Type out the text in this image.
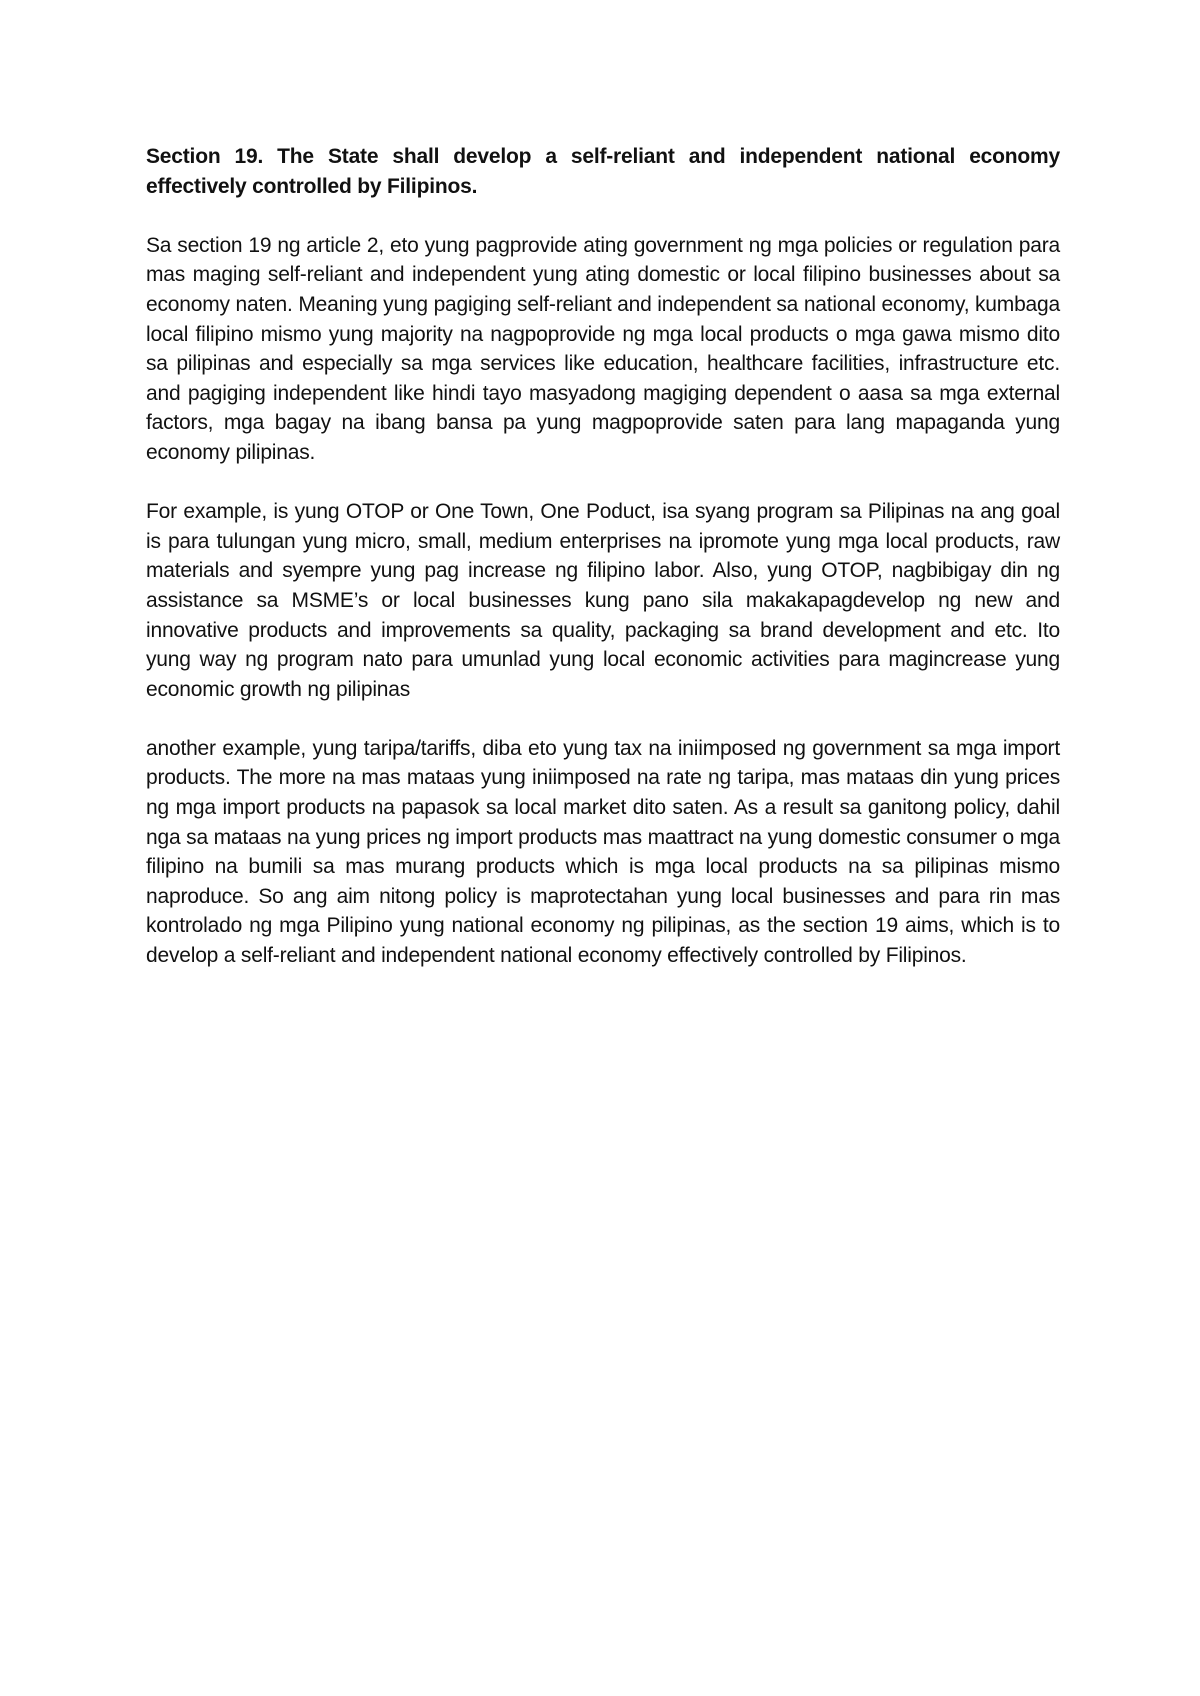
Section 19. The State shall develop a self-reliant and independent national economy effectively controlled by Filipinos.

Sa section 19 ng article 2, eto yung pagprovide ating government ng mga policies or regulation para mas maging self-reliant and independent yung ating domestic or local filipino businesses about sa economy naten. Meaning yung pagiging self-reliant and independent sa national economy, kumbaga local filipino mismo yung majority na nagpoprovide ng mga local products o mga gawa mismo dito sa pilipinas and especially sa mga services like education, healthcare facilities, infrastructure etc. and pagiging independent like hindi tayo masyadong magiging dependent o aasa sa mga external factors, mga bagay na ibang bansa pa yung magpoprovide saten para lang mapaganda yung economy pilipinas.

For example, is yung OTOP or One Town, One Poduct, isa syang program sa Pilipinas na ang goal is para tulungan yung micro, small, medium enterprises na ipromote yung mga local products, raw materials and syempre yung pag increase ng filipino labor. Also, yung OTOP, nagbibigay din ng assistance sa MSME’s or local businesses kung pano sila makakapagdevelop ng new and innovative products and improvements sa quality, packaging sa brand development and etc. Ito yung way ng program nato para umunlad yung local economic activities para magincrease yung economic growth ng pilipinas

another example, yung taripa/tariffs, diba eto yung tax na iniimposed ng government sa mga import products. The more na mas mataas yung iniimposed na rate ng taripa, mas mataas din yung prices ng mga import products na papasok sa local market dito saten. As a result sa ganitong policy, dahil nga sa mataas na yung prices ng import products mas maattract na yung domestic consumer o mga filipino na bumili sa mas murang products which is mga local products na sa pilipinas mismo naproduce. So ang aim nitong policy is maprotectahan yung local businesses and para rin mas kontrolado ng mga Pilipino yung national economy ng pilipinas, as the section 19 aims, which is to develop a self-reliant and independent national economy effectively controlled by Filipinos.
